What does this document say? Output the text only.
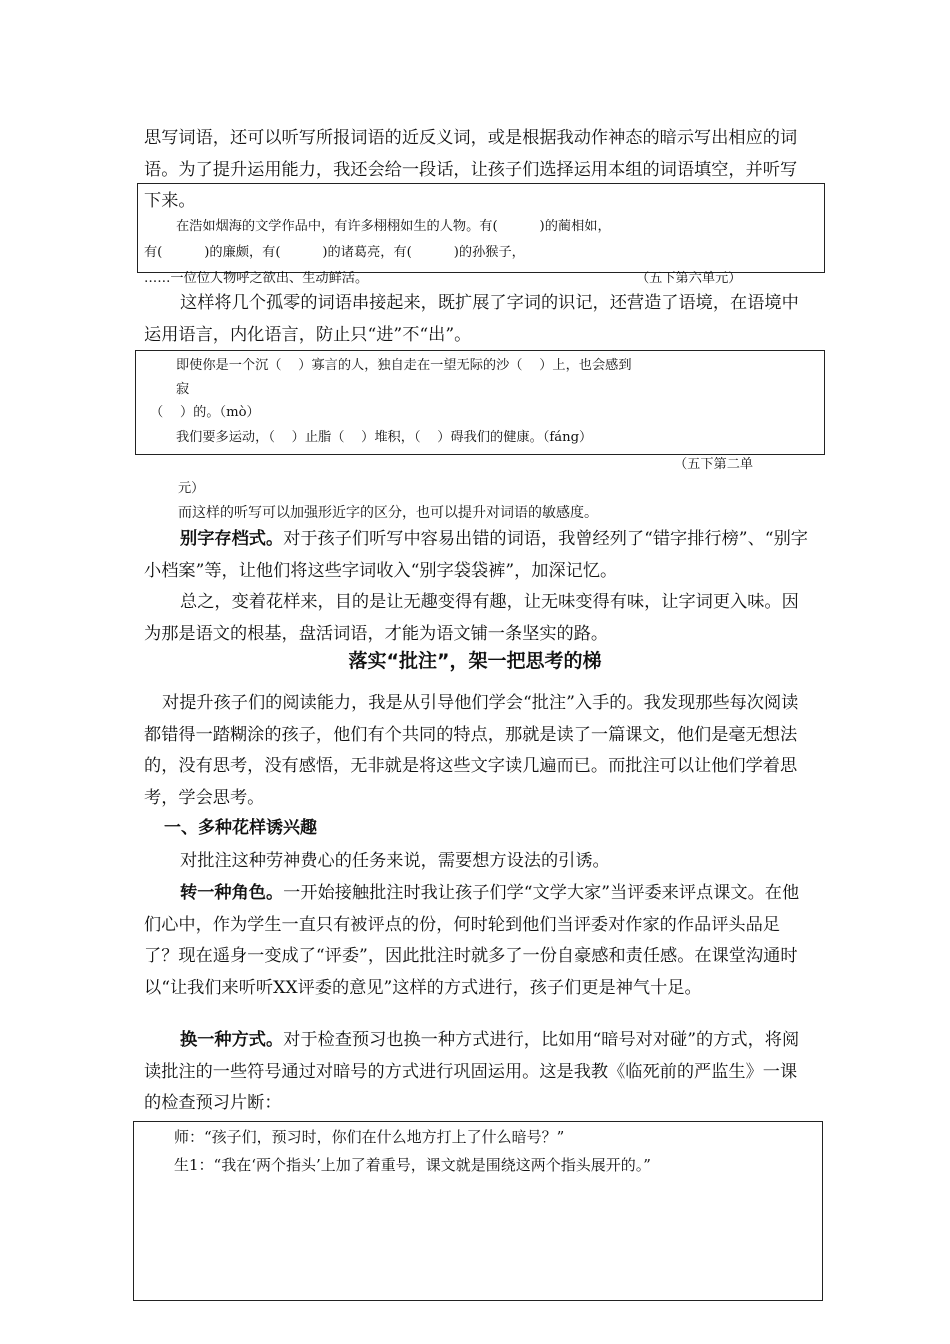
思写词语，还可以听写所报词语的近反义词，或是根据我动作神态的暗示写出相应的词语。为了提升运用能力，我还会给一段话，让孩子们选择运用本组的词语填空，并听写下来。

在浩如烟海的文学作品中，有许多栩栩如生的人物。有(          )的蔺相如，

有(          )的廉颇，有(          )的诸葛亮，有(          )的孙猴子，

……一位位人物呼之欲出、生动鲜活。	（五下第六单元）

这样将几个孤零的词语串接起来，既扩展了字词的识记，还营造了语境，在语境中运用语言，内化语言，防止只“进”不“出”。

即使你是一个沉（    ）寡言的人，独自走在一望无际的沙（    ）上，也会感到

寂

（    ）的。（mò）

我们要多运动，（    ）止脂（    ）堆积，（    ）碍我们的健康。（fáng）

（五下第二单

元）

而这样的听写可以加强形近字的区分，也可以提升对词语的敏感度。

别字存档式。对于孩子们听写中容易出错的词语，我曾经列了“错字排行榜”、“别字小档案”等，让他们将这些字词收入“别字袋袋裤”，加深记忆。

总之，变着花样来，目的是让无趣变得有趣，让无味变得有味，让字词更入味。因为那是语文的根基，盘活词语，才能为语文铺一条坚实的路。

落实“批注”，架一把思考的梯

对提升孩子们的阅读能力，我是从引导他们学会“批注”入手的。我发现那些每次阅读都错得一踏糊涂的孩子，他们有个共同的特点，那就是读了一篇课文，他们是毫无想法的，没有思考，没有感悟，无非就是将这些文字读几遍而已。而批注可以让他们学着思考，学会思考。

一、多种花样诱兴趣

对批注这种劳神费心的任务来说，需要想方设法的引诱。

转一种角色。一开始接触批注时我让孩子们学“文学大家”当评委来评点课文。在他们心中，作为学生一直只有被评点的份，何时轮到他们当评委对作家的作品评头品足了？现在遥身一变成了“评委”，因此批注时就多了一份自豪感和责任感。在课堂沟通时以“让我们来听听XX评委的意见”这样的方式进行，孩子们更是神气十足。

换一种方式。对于检查预习也换一种方式进行，比如用“暗号对对碰”的方式，将阅读批注的一些符号通过对暗号的方式进行巩固运用。这是我教《临死前的严监生》一课的检查预习片断：

师：“孩子们，预习时，你们在什么地方打上了什么暗号？”

生1：“我在‘两个指头’上加了着重号，课文就是围绕这两个指头展开的。”
